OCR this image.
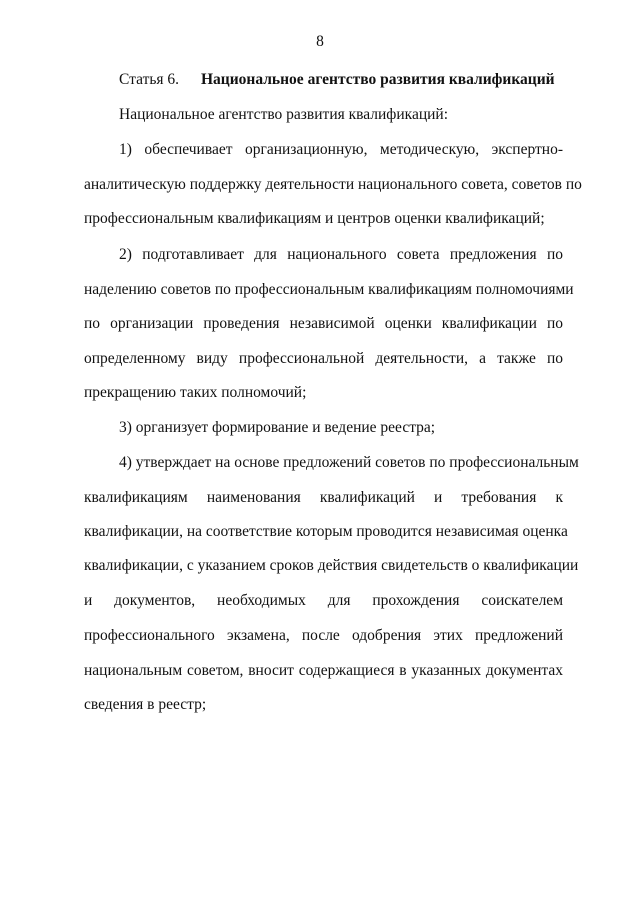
8
Статья 6. Национальное агентство развития квалификаций
Национальное агентство развития квалификаций:
1) обеспечивает организационную, методическую, экспертно-
аналитическую поддержку деятельности национального совета, советов по
профессиональным квалификациям и центров оценки квалификаций;
2) подготавливает для национального совета предложения по
наделению советов по профессиональным квалификациям полномочиями
по организации проведения независимой оценки квалификации по
определенному виду профессиональной деятельности, а также по
прекращению таких полномочий;
3) организует формирование и ведение реестра;
4) утверждает на основе предложений советов по профессиональным
квалификациям наименования квалификаций и требования к
квалификации, на соответствие которым проводится независимая оценка
квалификации, с указанием сроков действия свидетельств о квалификации
и документов, необходимых для прохождения соискателем
профессионального экзамена, после одобрения этих предложений
национальным советом, вносит содержащиеся в указанных документах
сведения в реестр;
